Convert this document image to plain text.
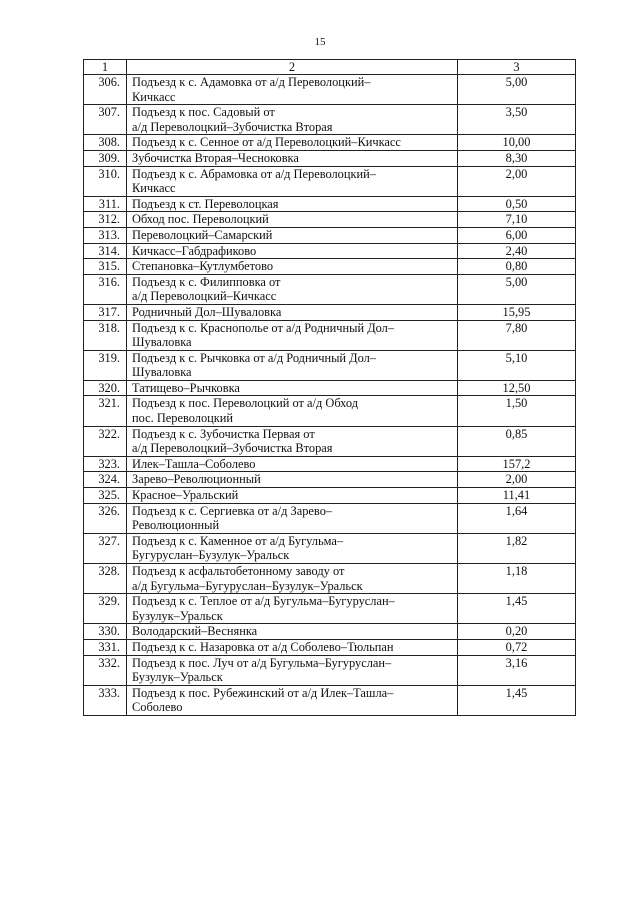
15
1	2	3
306.	Подъезд к с. Адамовка от а/д Переволоцкий–
Кичкасс	5,00
307.	Подъезд к пос. Садовый от
а/д Переволоцкий–Зубочистка Вторая	3,50
308.	Подъезд к с. Сенное от а/д Переволоцкий–Кичкасс	10,00
309.	Зубочистка Вторая–Чесноковка	8,30
310.	Подъезд к с. Абрамовка от а/д Переволоцкий–
Кичкасс	2,00
311.	Подъезд к ст. Переволоцкая	0,50
312.	Обход пос. Переволоцкий	7,10
313.	Переволоцкий–Самарский	6,00
314.	Кичкасс–Габдрафиково	2,40
315.	Степановка–Кутлумбетово	0,80
316.	Подъезд к с. Филипповка от
а/д Переволоцкий–Кичкасс	5,00
317.	Родничный Дол–Шуваловка	15,95
318.	Подъезд к с. Краснополье от а/д Родничный Дол–
Шуваловка	7,80
319.	Подъезд к с. Рычковка от а/д Родничный Дол–
Шуваловка	5,10
320.	Татищево–Рычковка	12,50
321.	Подъезд к пос. Переволоцкий от а/д Обход
пос. Переволоцкий	1,50
322.	Подъезд к с. Зубочистка Первая от
а/д Переволоцкий–Зубочистка Вторая	0,85
323.	Илек–Ташла–Соболево	157,2
324.	Зарево–Революционный	2,00
325.	Красное–Уральский	11,41
326.	Подъезд к с. Сергиевка от а/д Зарево–
Революционный	1,64
327.	Подъезд к с. Каменное от а/д Бугульма–
Бугуруслан–Бузулук–Уральск	1,82
328.	Подъезд к асфальтобетонному заводу от
а/д Бугульма–Бугуруслан–Бузулук–Уральск	1,18
329.	Подъезд к с. Теплое от а/д Бугульма–Бугуруслан–
Бузулук–Уральск	1,45
330.	Володарский–Веснянка	0,20
331.	Подъезд к с. Назаровка от а/д Соболево–Тюльпан	0,72
332.	Подъезд к пос. Луч от а/д Бугульма–Бугуруслан–
Бузулук–Уральск	3,16
333.	Подъезд к пос. Рубежинский от а/д Илек–Ташла–
Соболево	1,45
